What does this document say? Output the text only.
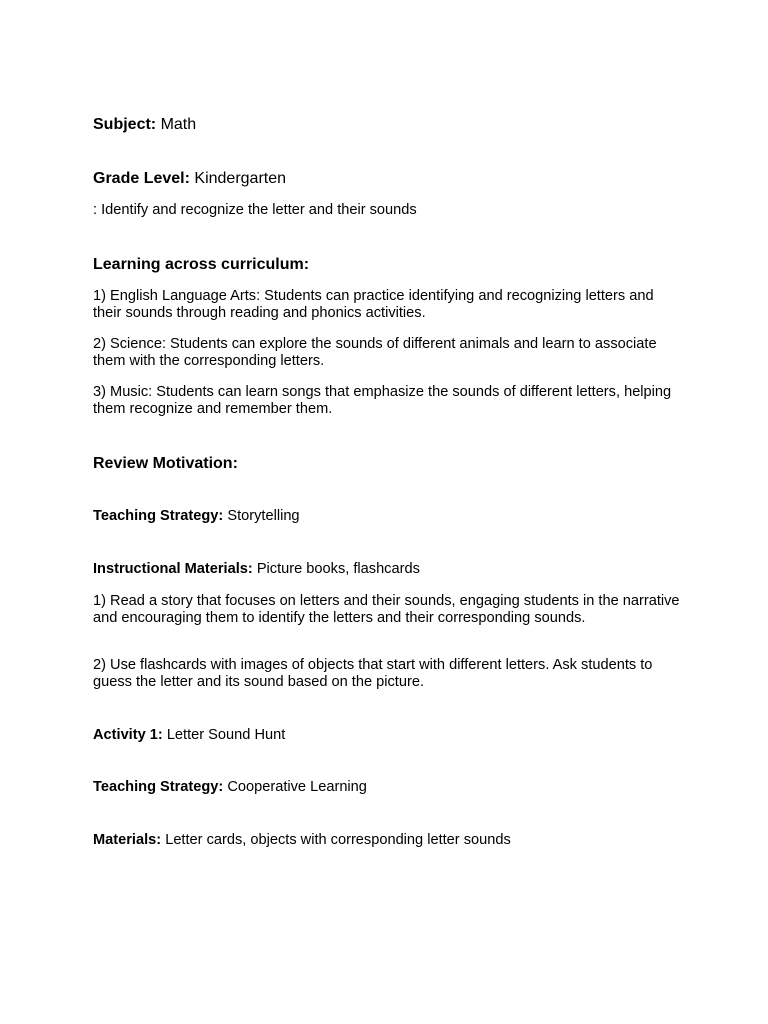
Subject: Math
Grade Level: Kindergarten
: Identify and recognize the letter and their sounds
Learning across curriculum:
1) English Language Arts: Students can practice identifying and recognizing letters and their sounds through reading and phonics activities.
2) Science: Students can explore the sounds of different animals and learn to associate them with the corresponding letters.
3) Music: Students can learn songs that emphasize the sounds of different letters, helping them recognize and remember them.
Review Motivation:
Teaching Strategy: Storytelling
Instructional Materials: Picture books, flashcards
1) Read a story that focuses on letters and their sounds, engaging students in the narrative and encouraging them to identify the letters and their corresponding sounds.
2) Use flashcards with images of objects that start with different letters. Ask students to guess the letter and its sound based on the picture.
Activity 1: Letter Sound Hunt
Teaching Strategy: Cooperative Learning
Materials: Letter cards, objects with corresponding letter sounds
